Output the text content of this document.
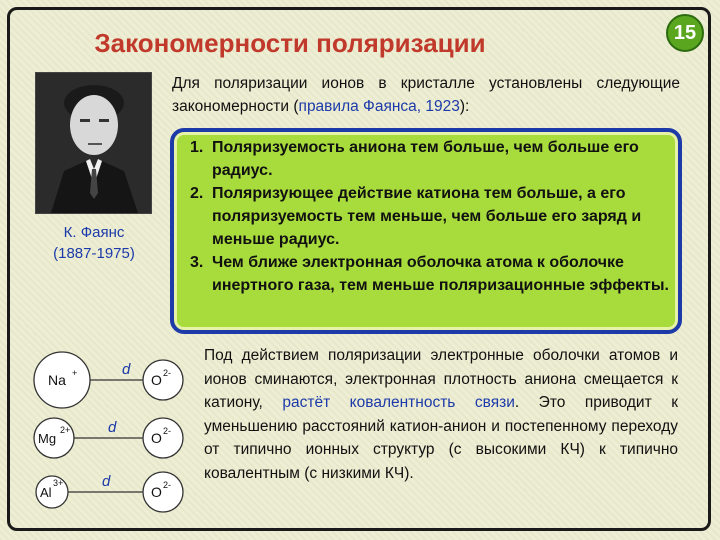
Закономерности поляризации	15
К. Фаянс
(1887-1975)
Для поляризации ионов в кристалле установлены следующие закономерности (правила Фаянса, 1923):
1. Поляризуемость аниона тем больше, чем больше его радиус.
2. Поляризующее действие катиона тем больше, а его поляризуемость тем меньше, чем больше его заряд и меньше радиус.
3. Чем ближе электронная оболочка атома к оболочке инертного газа, тем меньше поляризационные эффекты.
Na +	O 2-
d
Mg
2+	O 2-
d
Al
3+
O 2-
d
Под действием поляризации электронные оболочки атомов и ионов сминаются, электронная плотность аниона смещается к катиону, растёт ковалентность связи. Это приводит к уменьшению расстояний катион-анион и постепенному переходу от типично ионных структур (с высокими КЧ) к типично ковалентным (с низкими КЧ).
